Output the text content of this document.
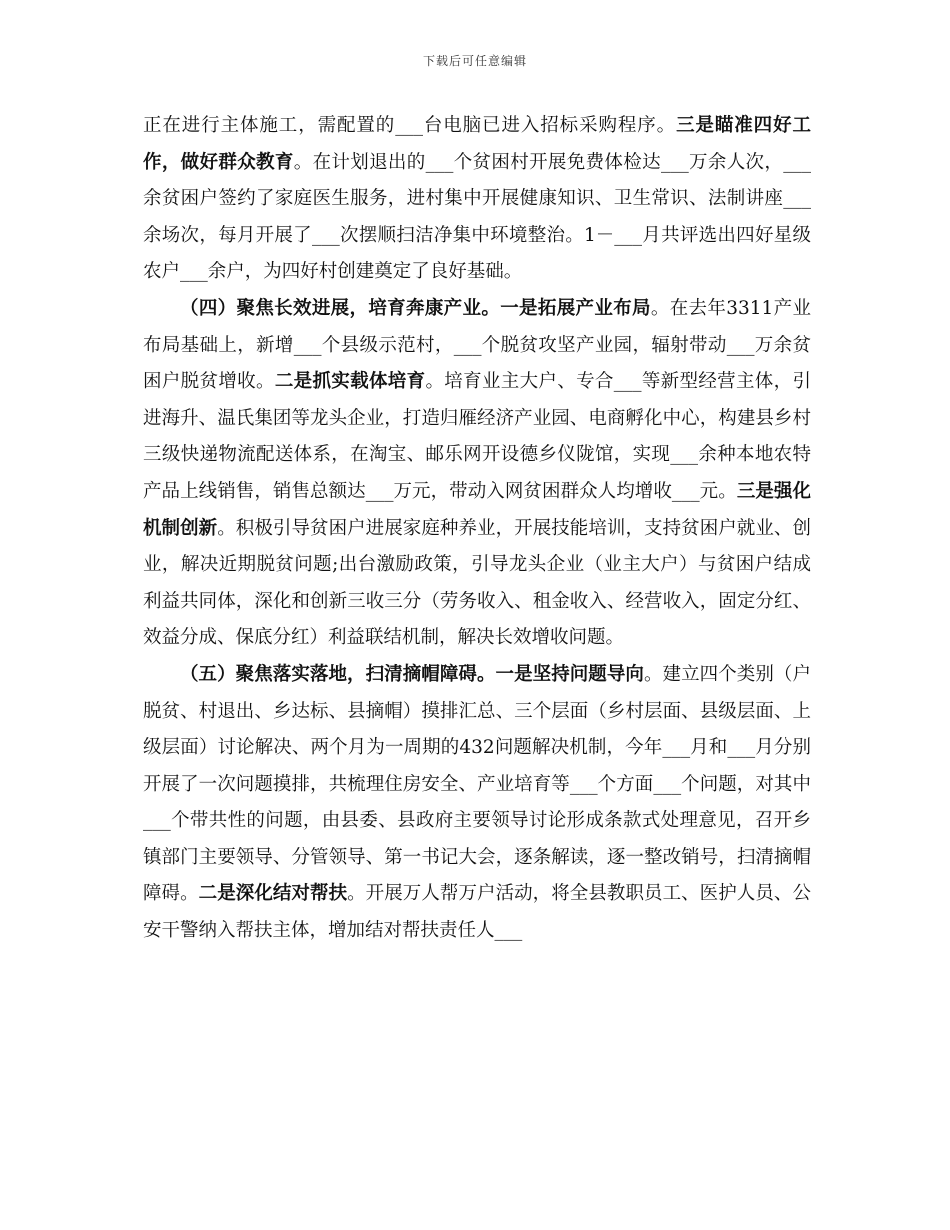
下载后可任意编辑

正在进行主体施工，需配置的___台电脑已进入招标采购程序。三是瞄准四好工作，做好群众教育。在计划退出的___个贫困村开展免费体检达___万余人次，___余贫困户签约了家庭医生服务，进村集中开展健康知识、卫生常识、法制讲座___余场次，每月开展了___次摆顺扫洁净集中环境整治。1－___月共评选出四好星级农户___余户，为四好村创建奠定了良好基础。

（四）聚焦长效进展，培育奔康产业。一是拓展产业布局。在去年3311产业布局基础上，新增___个县级示范村，___个脱贫攻坚产业园，辐射带动___万余贫困户脱贫增收。二是抓实载体培育。培育业主大户、专合___等新型经营主体，引进海升、温氏集团等龙头企业，打造归雁经济产业园、电商孵化中心，构建县乡村三级快递物流配送体系，在淘宝、邮乐网开设德乡仪陇馆，实现___余种本地农特产品上线销售，销售总额达___万元，带动入网贫困群众人均增收___元。三是强化机制创新。积极引导贫困户进展家庭种养业，开展技能培训，支持贫困户就业、创业，解决近期脱贫问题;出台激励政策，引导龙头企业（业主大户）与贫困户结成利益共同体，深化和创新三收三分（劳务收入、租金收入、经营收入，固定分红、效益分成、保底分红）利益联结机制，解决长效增收问题。

（五）聚焦落实落地，扫清摘帽障碍。一是坚持问题导向。建立四个类别（户脱贫、村退出、乡达标、县摘帽）摸排汇总、三个层面（乡村层面、县级层面、上级层面）讨论解决、两个月为一周期的432问题解决机制，今年___月和___月分别开展了一次问题摸排，共梳理住房安全、产业培育等___个方面___个问题，对其中___个带共性的问题，由县委、县政府主要领导讨论形成条款式处理意见，召开乡镇部门主要领导、分管领导、第一书记大会，逐条解读，逐一整改销号，扫清摘帽障碍。二是深化结对帮扶。开展万人帮万户活动，将全县教职员工、医护人员、公安干警纳入帮扶主体，增加结对帮扶责任人___
